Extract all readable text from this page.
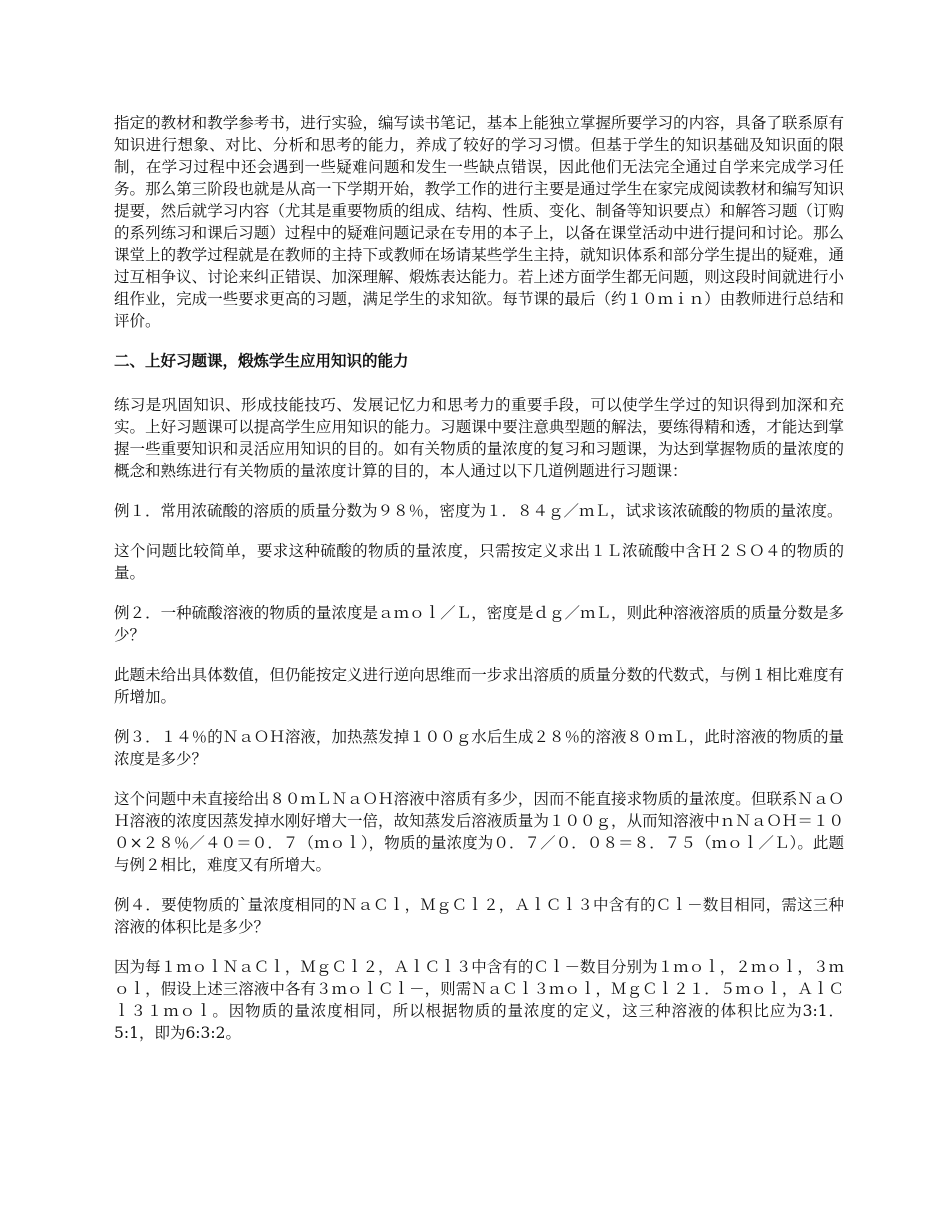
指定的教材和教学参考书，进行实验，编写读书笔记，基本上能独立掌握所要学习的内容，具备了联系原有知识进行想象、对比、分析和思考的能力，养成了较好的学习习惯。但基于学生的知识基础及知识面的限制，在学习过程中还会遇到一些疑难问题和发生一些缺点错误，因此他们无法完全通过自学来完成学习任务。那么第三阶段也就是从高一下学期开始，教学工作的进行主要是通过学生在家完成阅读教材和编写知识提要，然后就学习内容（尤其是重要物质的组成、结构、性质、变化、制备等知识要点）和解答习题（订购的系列练习和课后习题）过程中的疑难问题记录在专用的本子上，以备在课堂活动中进行提问和讨论。那么课堂上的教学过程就是在教师的主持下或教师在场请某些学生主持，就知识体系和部分学生提出的疑难，通过互相争议、讨论来纠正错误、加深理解、煅炼表达能力。若上述方面学生都无问题，则这段时间就进行小组作业，完成一些要求更高的习题，满足学生的求知欲。每节课的最后（约１０ｍｉｎ）由教师进行总结和评价。

二、上好习题课，煅炼学生应用知识的能力

练习是巩固知识、形成技能技巧、发展记忆力和思考力的重要手段，可以使学生学过的知识得到加深和充实。上好习题课可以提高学生应用知识的能力。习题课中要注意典型题的解法，要练得精和透，才能达到掌握一些重要知识和灵活应用知识的目的。如有关物质的量浓度的复习和习题课，为达到掌握物质的量浓度的概念和熟练进行有关物质的量浓度计算的目的，本人通过以下几道例题进行习题课：

例１．常用浓硫酸的溶质的质量分数为９８％，密度为１．８４ｇ／ｍＬ，试求该浓硫酸的物质的量浓度。

这个问题比较简单，要求这种硫酸的物质的量浓度，只需按定义求出１Ｌ浓硫酸中含Ｈ２ＳＯ４的物质的量。

例２．一种硫酸溶液的物质的量浓度是ａｍｏｌ／Ｌ，密度是ｄｇ／ｍＬ，则此种溶液溶质的质量分数是多少？

此题未给出具体数值，但仍能按定义进行逆向思维而一步求出溶质的质量分数的代数式，与例１相比难度有所增加。

例３．１４％的ＮａＯＨ溶液，加热蒸发掉１００ｇ水后生成２８％的溶液８０ｍＬ，此时溶液的物质的量浓度是多少？

这个问题中未直接给出８０ｍＬＮａＯＨ溶液中溶质有多少，因而不能直接求物质的量浓度。但联系ＮａＯＨ溶液的浓度因蒸发掉水刚好增大一倍，故知蒸发后溶液质量为１００ｇ，从而知溶液中ｎＮａＯＨ＝１００×２８％／４０＝０．７（ｍｏｌ），物质的量浓度为０．７／０．０８＝８．７５（ｍｏｌ／Ｌ）。此题与例２相比，难度又有所增大。

例４．要使物质的`量浓度相同的ＮａＣｌ，ＭｇＣｌ２，ＡｌＣｌ３中含有的Ｃｌ－数目相同，需这三种溶液的体积比是多少？

因为每１ｍｏｌＮａＣｌ，ＭｇＣｌ２，ＡｌＣｌ３中含有的Ｃｌ－数目分别为１ｍｏｌ，２ｍｏｌ，３ｍｏｌ，假设上述三溶液中各有３ｍｏｌＣｌ－，则需ＮａＣｌ３ｍｏｌ，ＭｇＣｌ２１．５ｍｏｌ，ＡｌＣｌ３１ｍｏｌ。因物质的量浓度相同，所以根据物质的量浓度的定义，这三种溶液的体积比应为3:1．5:1，即为6:3:2。
